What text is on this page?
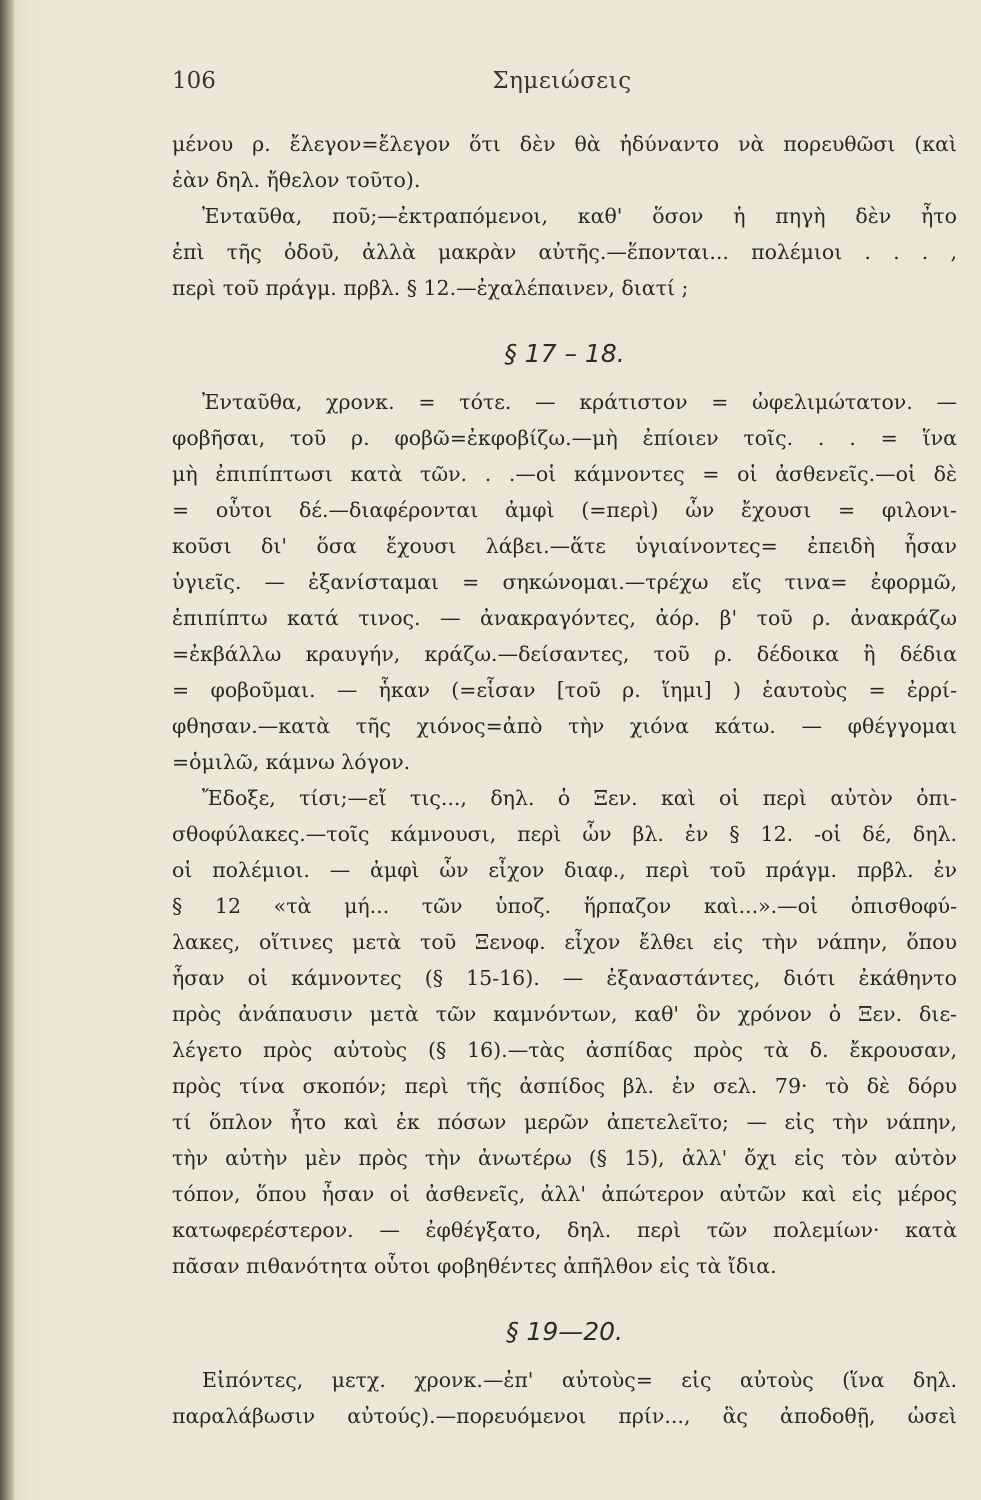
106	Σημειώσεις
μένου ρ. ἔλεγον=ἔλεγον ὅτι δὲν θὰ ἠδύναντο νὰ πορευθῶσι (καὶ
ἐὰν δηλ. ἤθελον τοῦτο).
Ἐνταῦθα, ποῦ;—ἐκτραπόμενοι, καθ' ὅσον ἡ πηγὴ δὲν ἦτο
ἐπὶ τῆς ὁδοῦ, ἀλλὰ μακρὰν αὐτῆς.—ἕπονται... πολέμιοι . . . ,
περὶ τοῦ πράγμ. πρβλ. § 12.—ἐχαλέπαινεν, διατί ;
§ 17 – 18.
Ἐνταῦθα, χρονκ. = τότε. — κράτιστον = ὠφελιμώτατον. —
φοβῆσαι, τοῦ ρ. φοβῶ=ἐκφοβίζω.—μὴ ἐπίοιεν τοῖς. . . = ἵνα
μὴ ἐπιπίπτωσι κατὰ τῶν. . .—οἱ κάμνοντες = οἱ ἀσθενεῖς.—οἱ δὲ
= οὗτοι δέ.—διαφέρονται ἀμφὶ (=περὶ) ὧν ἔχουσι = φιλονι-
κοῦσι δι' ὅσα ἔχουσι λάβει.—ἅτε ὑγιαίνοντες= ἐπειδὴ ἦσαν
ὑγιεῖς. — ἐξανίσταμαι = σηκώνομαι.—τρέχω εἴς τινα= ἐφορμῶ,
ἐπιπίπτω κατά τινος. — ἀνακραγόντες, ἀόρ. β' τοῦ ρ. ἀνακράζω
=ἐκβάλλω κραυγήν, κράζω.—δείσαντες, τοῦ ρ. δέδοικα ἢ δέδια
= φοβοῦμαι. — ἧκαν (=εἷσαν [τοῦ ρ. ἵημι] ) ἑαυτοὺς = ἐρρί-
φθησαν.—κατὰ τῆς χιόνος=ἀπὸ τὴν χιόνα κάτω. — φθέγγομαι
=ὁμιλῶ, κάμνω λόγον.
Ἔδοξε, τίσι;—εἴ τις..., δηλ. ὁ Ξεν. καὶ οἱ περὶ αὐτὸν ὀπι-
σθοφύλακες.—τοῖς κάμνουσι, περὶ ὧν βλ. ἐν § 12. -οἱ δέ, δηλ.
οἱ πολέμιοι. — ἀμφὶ ὧν εἶχον διαφ., περὶ τοῦ πράγμ. πρβλ. ἐν
§ 12 «τὰ μή... τῶν ὑποζ. ἥρπαζον καὶ...».—οἱ ὀπισθοφύ-
λακες, οἵτινες μετὰ τοῦ Ξενοφ. εἶχον ἔλθει εἰς τὴν νάπην, ὅπου
ἦσαν οἱ κάμνοντες (§ 15-16). — ἐξαναστάντες, διότι ἐκάθηντο
πρὸς ἀνάπαυσιν μετὰ τῶν καμνόντων, καθ' ὃν χρόνον ὁ Ξεν. διε-
λέγετο πρὸς αὐτοὺς (§ 16).—τὰς ἀσπίδας πρὸς τὰ δ. ἔκρουσαν,
πρὸς τίνα σκοπόν; περὶ τῆς ἀσπίδος βλ. ἐν σελ. 79· τὸ δὲ δόρυ
τί ὅπλον ἦτο καὶ ἐκ πόσων μερῶν ἀπετελεῖτο; — εἰς τὴν νάπην,
τὴν αὐτὴν μὲν πρὸς τὴν ἀνωτέρω (§ 15), ἀλλ' ὄχι εἰς τὸν αὐτὸν
τόπον, ὅπου ἦσαν οἱ ἀσθενεῖς, ἀλλ' ἀπώτερον αὐτῶν καὶ εἰς μέρος
κατωφερέστερον. — ἐφθέγξατο, δηλ. περὶ τῶν πολεμίων· κατὰ
πᾶσαν πιθανότητα οὗτοι φοβηθέντες ἀπῆλθον εἰς τὰ ἴδια.
§ 19—20.
Εἰπόντες, μετχ. χρονκ.—ἐπ' αὐτοὺς= εἰς αὐτοὺς (ἵνα δηλ.
παραλάβωσιν αὐτούς).—πορευόμενοι πρίν..., ἃς ἀποδοθῇ, ὡσεὶ
